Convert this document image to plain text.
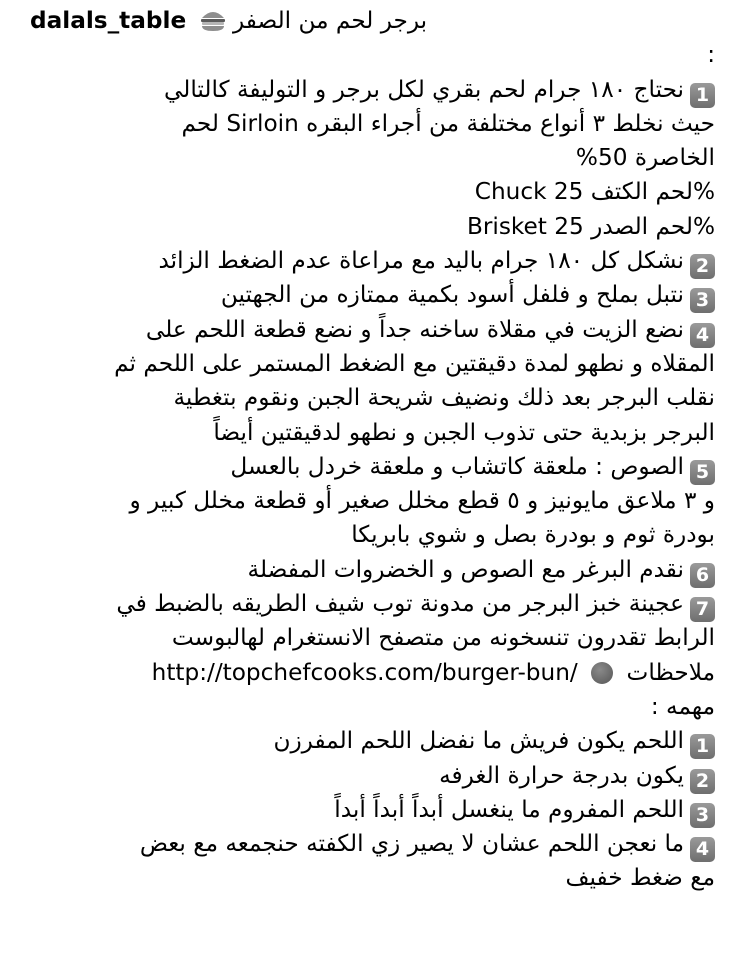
dalals_table برجر لحم من الصفر
:
1نحتاج ١٨٠ جرام لحم بقري لكل برجر و التوليفة كالتالي
حيث نخلط ٣ أنواع مختلفة من أجراء البقره Sirloin لحم
الخاصرة 50%
Chuck لحم الكتف 25%
Brisket لحم الصدر 25%
2نشكل كل ١٨٠ جرام باليد مع مراعاة عدم الضغط الزائد
3نتبل بملح و فلفل أسود بكمية ممتازه من الجهتين
4نضع الزيت في مقلاة ساخنه جداً و نضع قطعة اللحم على
المقلاه و نطهو لمدة دقيقتين مع الضغط المستمر على اللحم ثم
نقلب البرجر بعد ذلك ونضيف شريحة الجبن ونقوم بتغطية
البرجر بزبدية حتى تذوب الجبن و نطهو لدقيقتين أيضاً
5الصوص : ملعقة كاتشاب و ملعقة خردل بالعسل
و ٣ ملاعق مايونيز و ٥ قطع مخلل صغير أو قطعة مخلل كبير و
بودرة ثوم و بودرة بصل و شوي بابريكا
6نقدم البرغر مع الصوص و الخضروات المفضلة
7عجينة خبز البرجر من مدونة توب شيف الطريقه بالضبط في
الرابط تقدرون تنسخونه من متصفح الانستغرام لهالبوست
ملاحظات  http://topchefcooks.com/burger-bun/
مهمه :
1اللحم يكون فريش ما نفضل اللحم المفرزن
2يكون بدرجة حرارة الغرفه
3اللحم المفروم ما ينغسل أبداً أبداً أبداً
4ما نعجن اللحم عشان لا يصير زي الكفته حنجمعه مع بعض
مع ضغط خفيف
